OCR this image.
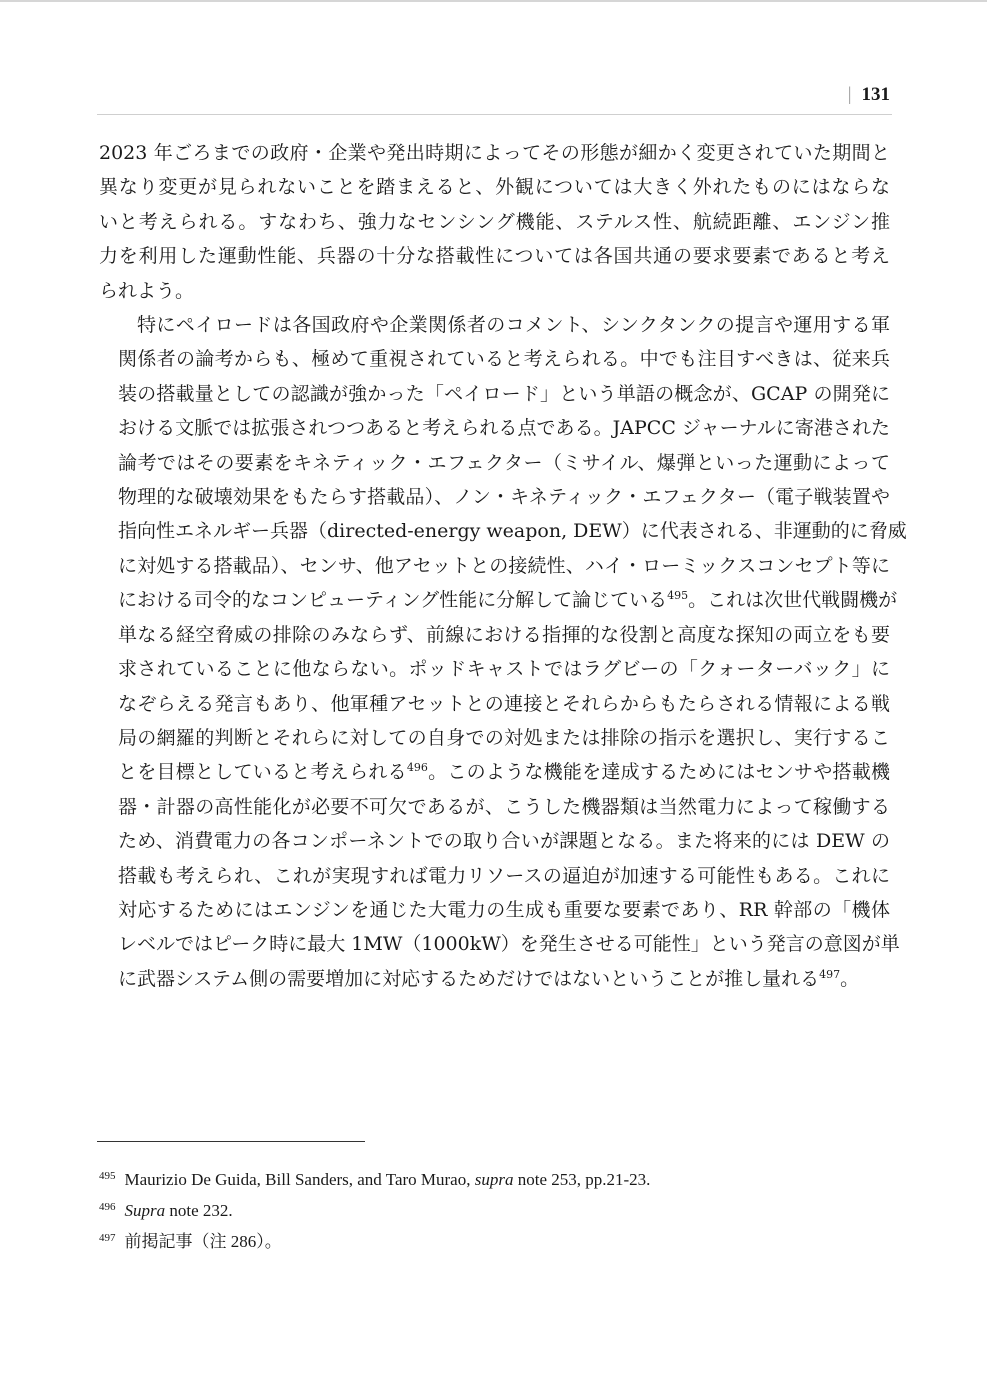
| 131

2023 年ごろまでの政府・企業や発出時期によってその形態が細かく変更されていた期間と
異なり変更が見られないことを踏まえると、外観については大きく外れたものにはならな
いと考えられる。すなわち、強力なセンシング機能、ステルス性、航続距離、エンジン推
力を利用した運動性能、兵器の十分な搭載性については各国共通の要求要素であると考え
られよう。

特にペイロードは各国政府や企業関係者のコメント、シンクタンクの提言や運用する軍
関係者の論考からも、極めて重視されていると考えられる。中でも注目すべきは、従来兵
装の搭載量としての認識が強かった「ペイロード」という単語の概念が、GCAP の開発に
おける文脈では拡張されつつあると考えられる点である。JAPCC ジャーナルに寄港された
論考ではその要素をキネティック・エフェクター（ミサイル、爆弾といった運動によって
物理的な破壊効果をもたらす搭載品）、ノン・キネティック・エフェクター（電子戦装置や
指向性エネルギー兵器（directed-energy weapon, DEW）に代表される、非運動的に脅威
に対処する搭載品）、センサ、他アセットとの接続性、ハイ・ローミックスコンセプト等に
における司令的なコンピューティング性能に分解して論じている$^{495}$。これは次世代戦闘機が
単なる経空脅威の排除のみならず、前線における指揮的な役割と高度な探知の両立をも要
求されていることに他ならない。ポッドキャストではラグビーの「クォーターバック」に
なぞらえる発言もあり、他軍種アセットとの連接とそれらからもたらされる情報による戦
局の網羅的判断とそれらに対しての自身での対処または排除の指示を選択し、実行するこ
とを目標としていると考えられる$^{496}$。このような機能を達成するためにはセンサや搭載機
器・計器の高性能化が必要不可欠であるが、こうした機器類は当然電力によって稼働する
ため、消費電力の各コンポーネントでの取り合いが課題となる。また将来的には DEW の
搭載も考えられ、これが実現すれば電力リソースの逼迫が加速する可能性もある。これに
対応するためにはエンジンを通じた大電力の生成も重要な要素であり、RR 幹部の「機体
レベルではピーク時に最大 1MW（1000kW）を発生させる可能性」という発言の意図が単
に武器システム側の需要増加に対応するためだけではないということが推し量れる$^{497}$。

$^{495}$ Maurizio De Guida, Bill Sanders, and Taro Murao, supra note 253, pp.21-23.
$^{496}$ Supra note 232.
$^{497}$ 前掲記事（注 286）。
